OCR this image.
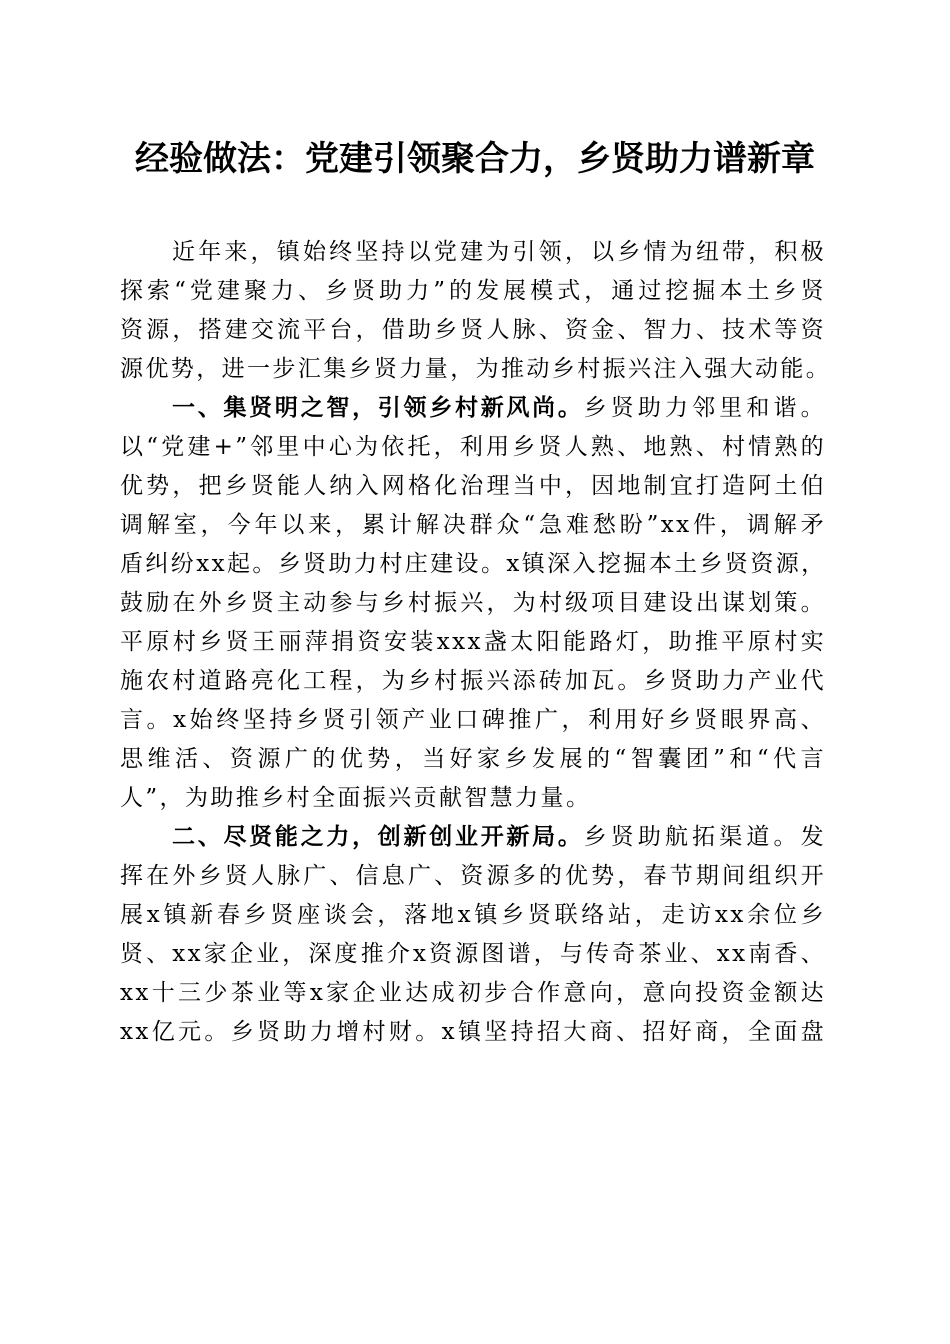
经验做法：党建引领聚合力，乡贤助力谱新章
近年来，镇始终坚持以党建为引领，以乡情为纽带，积极
探索“党建聚力、乡贤助力”的发展模式，通过挖掘本土乡贤
资源，搭建交流平台，借助乡贤人脉、资金、智力、技术等资
源优势，进一步汇集乡贤力量，为推动乡村振兴注入强大动能。
一、集贤明之智，引领乡村新风尚。乡贤助力邻里和谐。
以“党建+”邻里中心为依托，利用乡贤人熟、地熟、村情熟的
优势，把乡贤能人纳入网格化治理当中，因地制宜打造阿土伯
调解室，今年以来，累计解决群众“急难愁盼”xx件，调解矛
盾纠纷xx起。乡贤助力村庄建设。x镇深入挖掘本土乡贤资源，
鼓励在外乡贤主动参与乡村振兴，为村级项目建设出谋划策。
平原村乡贤王丽萍捐资安装xxx盏太阳能路灯，助推平原村实
施农村道路亮化工程，为乡村振兴添砖加瓦。乡贤助力产业代
言。x始终坚持乡贤引领产业口碑推广，利用好乡贤眼界高、
思维活、资源广的优势，当好家乡发展的“智囊团”和“代言
人”，为助推乡村全面振兴贡献智慧力量。
二、尽贤能之力，创新创业开新局。乡贤助航拓渠道。发
挥在外乡贤人脉广、信息广、资源多的优势，春节期间组织开
展x镇新春乡贤座谈会，落地x镇乡贤联络站，走访xx余位乡
贤、xx家企业，深度推介x资源图谱，与传奇茶业、xx南香、
xx十三少茶业等x家企业达成初步合作意向，意向投资金额达
xx亿元。乡贤助力增村财。x镇坚持招大商、招好商，全面盘
